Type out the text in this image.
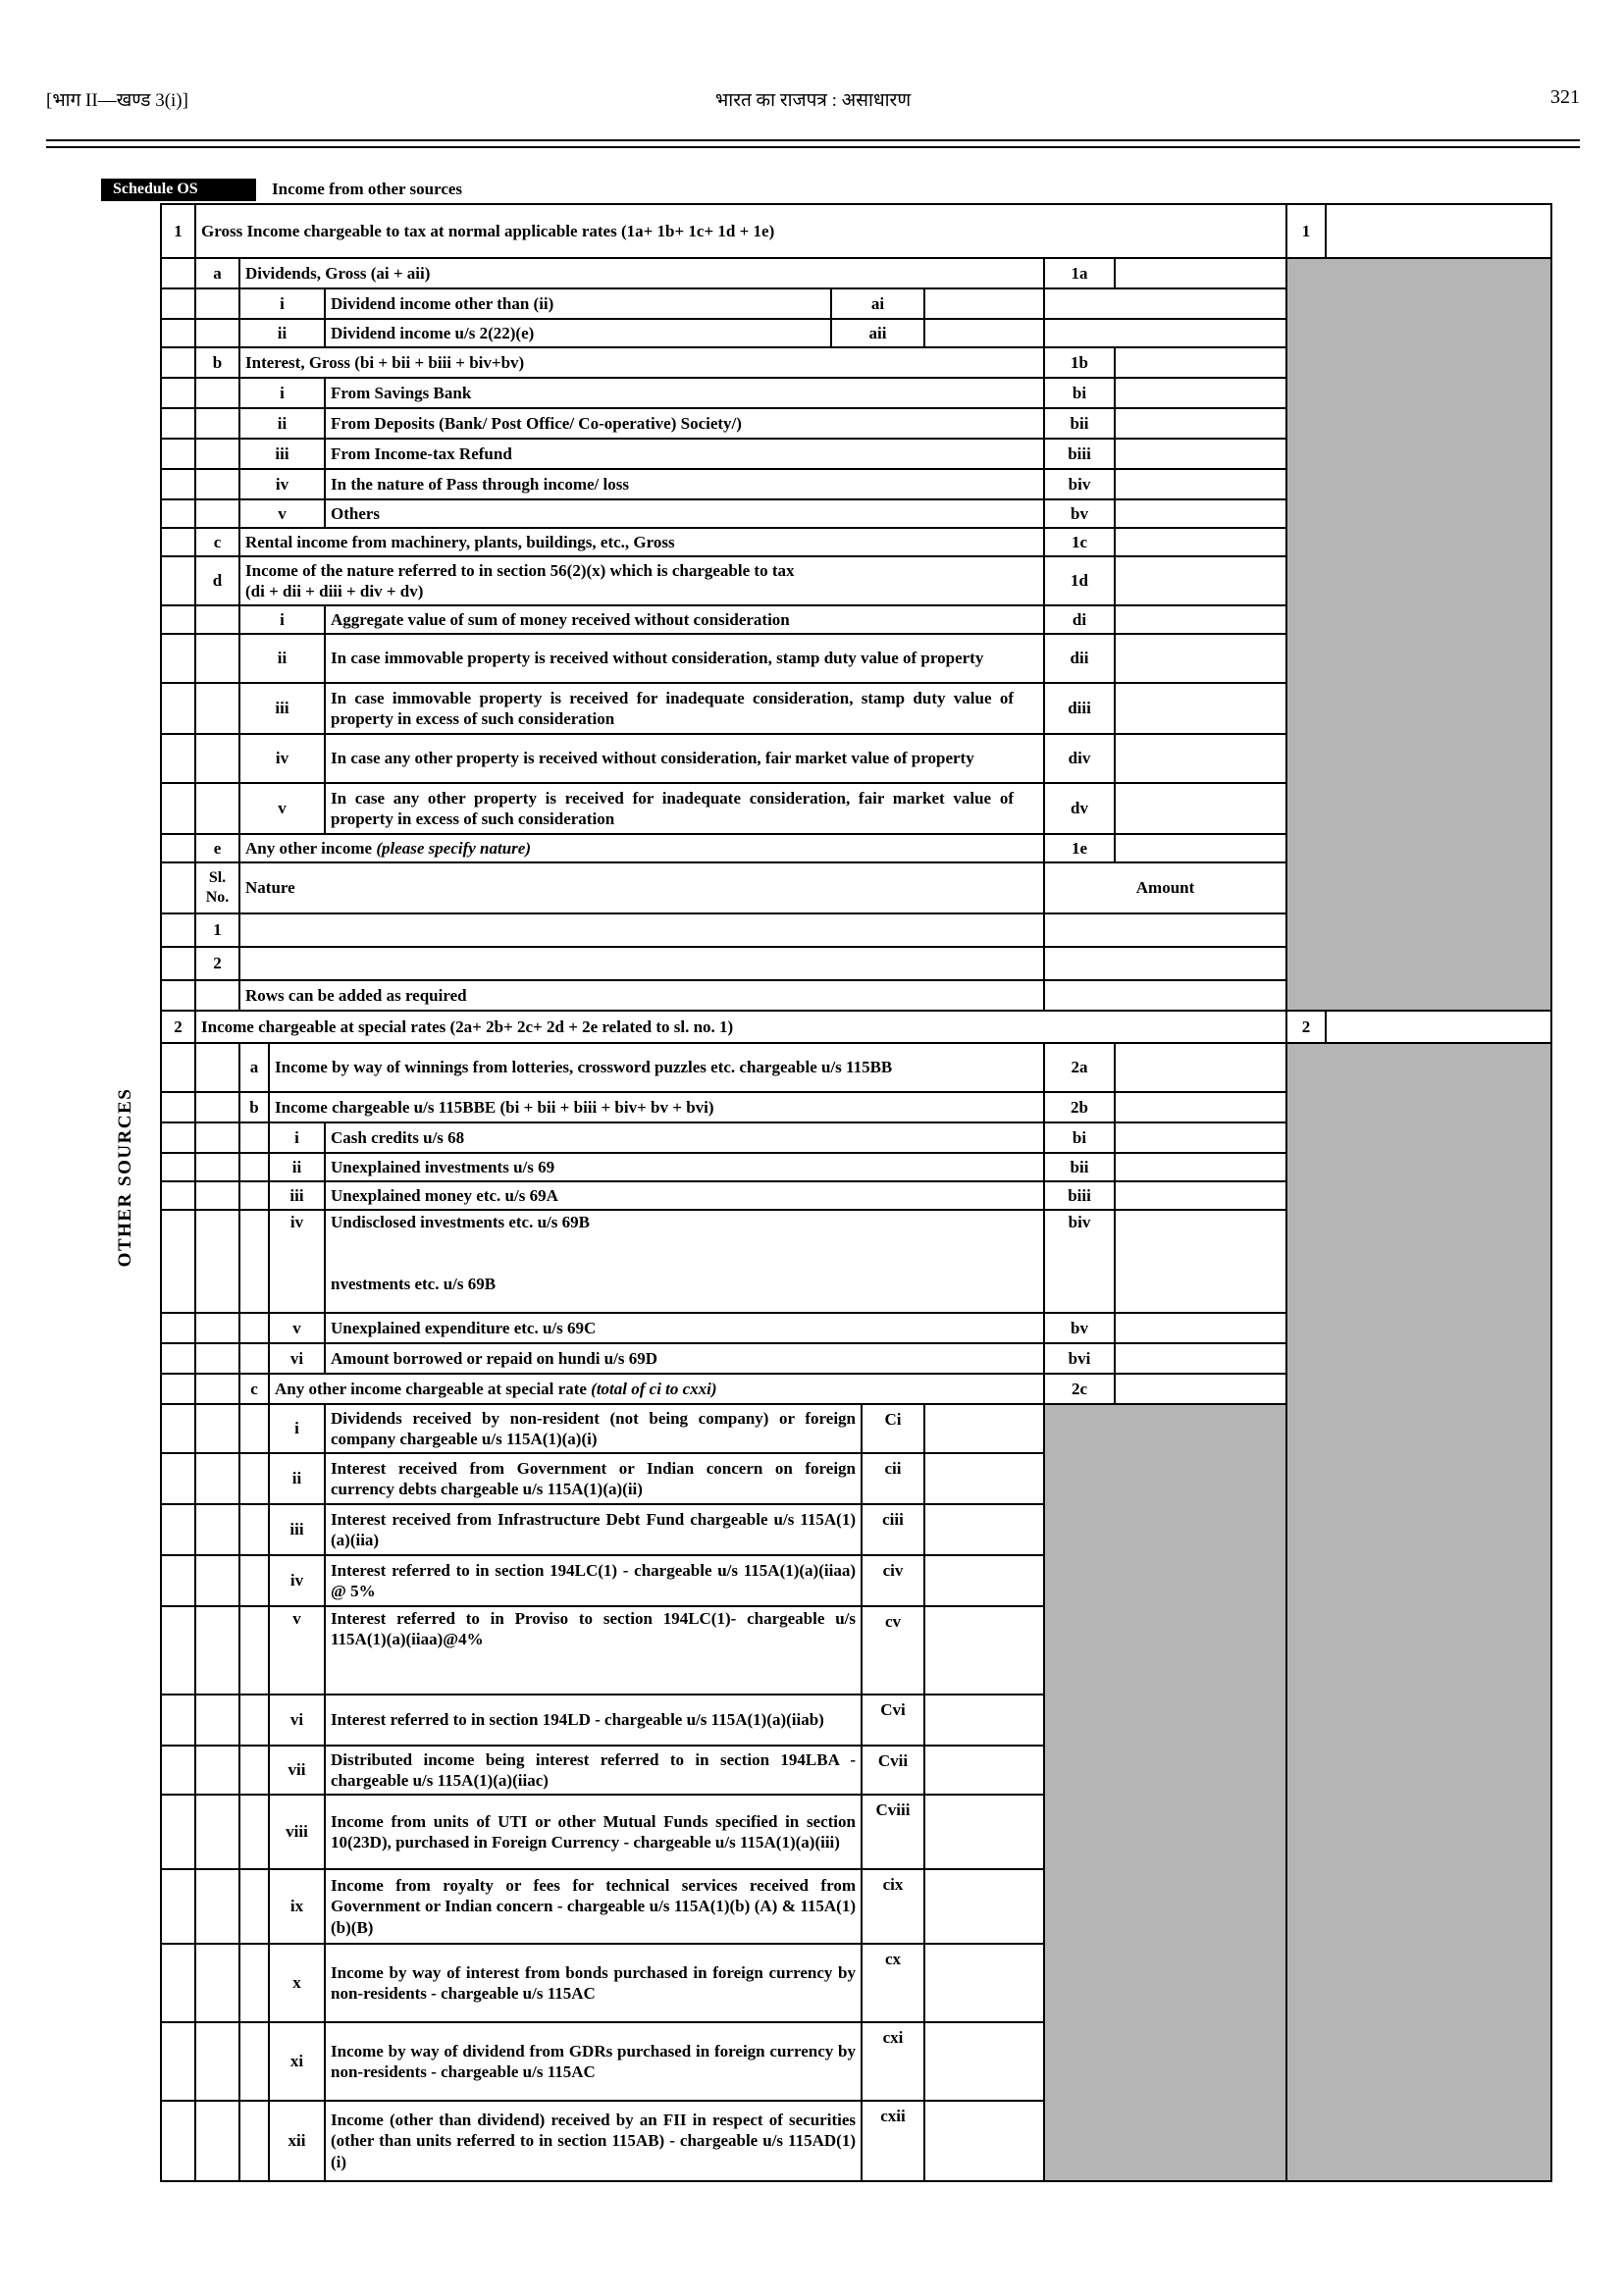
[भाग II—खण्ड 3(i)]	भारत का राजपत्र : असाधारण	321
Schedule OS	Income from other sources
OTHER SOURCES
1	Gross Income chargeable to tax at normal applicable rates (1a+ 1b+ 1c+ 1d + 1e)									1	
	a	Dividends, Gross (ai + aii)						1a			
		i		Dividend income other than (ii)	ai						
		ii		Dividend income u/s 2(22)(e)	aii						
	b	Interest, Gross (bi + bii + biii + biv+bv)						1b			
		i		From Savings Bank				bi			
		ii		From Deposits (Bank/ Post Office/ Co-operative) Society/)				bii			
		iii		From Income-tax Refund				biii			
		iv		In the nature of Pass through income/ loss				biv			
		v		Others				bv			
	c	Rental income from machinery, plants, buildings, etc., Gross						1c			
	d	Income of the nature referred to in section 56(2)(x) which is chargeable to tax
(di + dii + diii + div + dv)						1d			
		i		Aggregate value of sum of money received without consideration				di			
		ii		In case immovable property is received without consideration, stamp duty value of property				dii			
		iii		In case immovable property is received for inadequate consideration, stamp duty value of property in excess of such consideration				diii			
		iv		In case any other property is received without consideration, fair market value of property				div			
		v		In case any other property is received for inadequate consideration, fair market value of property in excess of such consideration				dv			
	e	Any other income (please specify nature)						1e			
	Sl. No.	Nature						Amount			
	1										
	2										
		Rows can be added as required									
2	Income chargeable at special rates (2a+ 2b+ 2c+ 2d + 2e related to sl. no. 1)									2	
		a	Income by way of winnings from lotteries, crossword puzzles etc. chargeable u/s 115BB					2a			
		b	Income chargeable u/s 115BBE (bi + bii + biii + biv+ bv + bvi)					2b			
			i	Cash credits u/s 68				bi			
			ii	Unexplained investments u/s 69				bii			
			iii	Unexplained money etc. u/s 69A				biii			
			iv	Undisclosed investments etc. u/s 69B
nvestments etc. u/s 69B				biv			
			v	Unexplained expenditure etc. u/s 69C				bv			
			vi	Amount borrowed or repaid on hundi u/s 69D				bvi			
		c	Any other income chargeable at special rate (total of ci to cxxi)					2c			
			i	Dividends received by non-resident (not being company) or foreign company chargeable u/s 115A(1)(a)(i)		Ci					
			ii	Interest received from Government or Indian concern on foreign currency debts chargeable u/s 115A(1)(a)(ii)		cii					
			iii	Interest received from Infrastructure Debt Fund chargeable u/s 115A(1)(a)(iia)		ciii					
			iv	Interest referred to in section 194LC(1) - chargeable u/s 115A(1)(a)(iiaa) @ 5%		civ					
			v	Interest referred to in Proviso to section 194LC(1)- chargeable u/s 115A(1)(a)(iiaa)@4%		cv					
			vi	Interest referred to in section 194LD - chargeable u/s 115A(1)(a)(iiab)		Cvi					
			vii	Distributed income being interest referred to in section 194LBA - chargeable u/s 115A(1)(a)(iiac)		Cvii					
			viii	Income from units of UTI or other Mutual Funds specified in section 10(23D), purchased in Foreign Currency - chargeable u/s 115A(1)(a)(iii)		Cviii					
			ix	Income from royalty or fees for technical services received from Government or Indian concern - chargeable u/s 115A(1)(b) (A) & 115A(1)(b)(B)		cix					
			x	Income by way of interest from bonds purchased in foreign currency by non-residents - chargeable u/s 115AC		cx					
			xi	Income by way of dividend from GDRs purchased in foreign currency by non-residents - chargeable u/s 115AC		cxi					
			xii	Income (other than dividend) received by an FII in respect of securities (other than units referred to in section 115AB) - chargeable u/s 115AD(1)(i)		cxii					
